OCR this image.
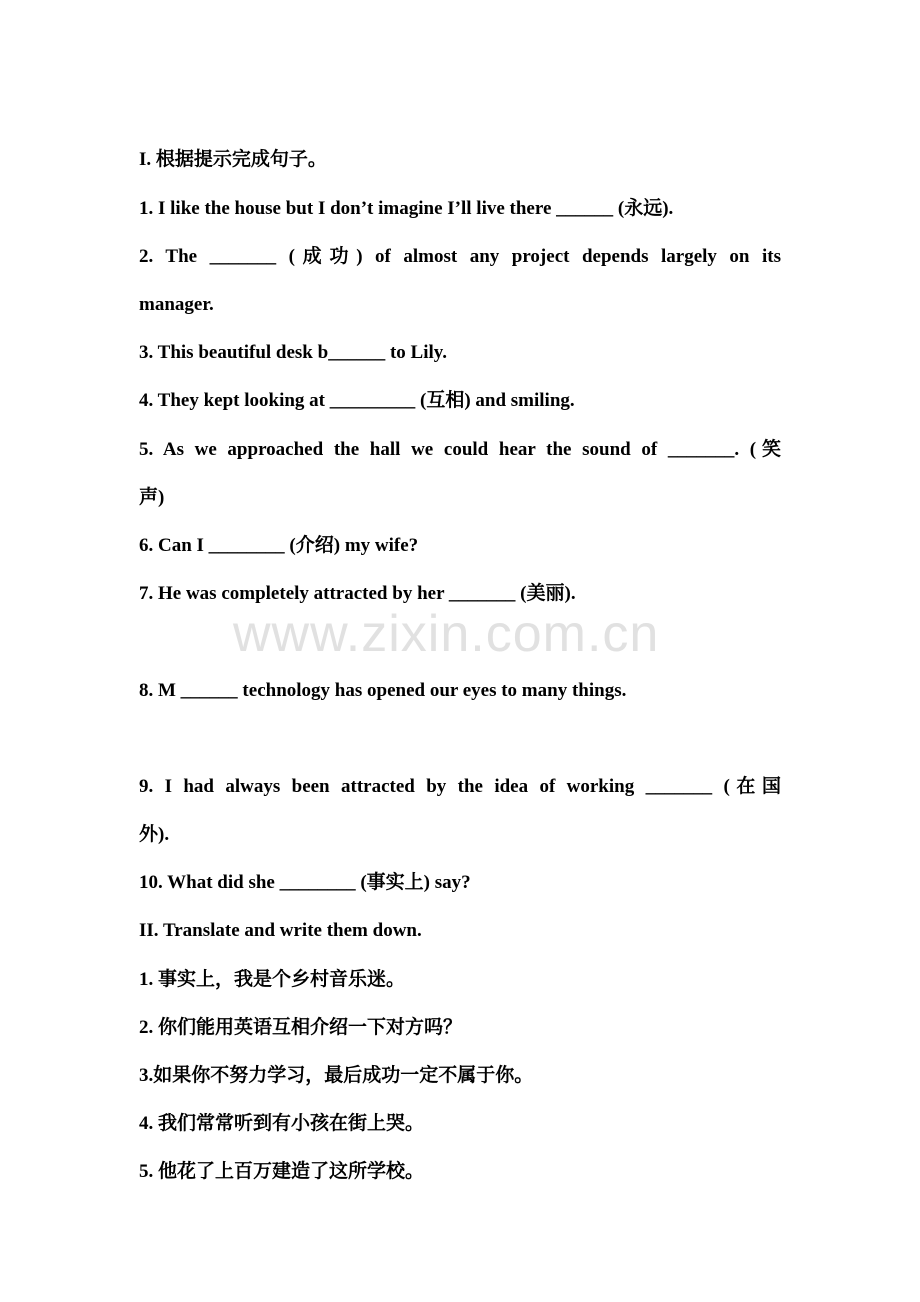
www.zixin.com.cn
I. 根据提示完成句子。
1. I like the house but I don’t imagine I’ll live there ______ (永远).
2. The _______ (成功) of almost any project depends largely on its
manager.
3. This beautiful desk b______ to Lily.
4. They kept looking at _________ (互相) and smiling.
5. As we approached the hall we could hear the sound of _______. (笑
声)
6. Can I ________ (介绍) my wife?
7. He was completely attracted by her _______ (美丽).
8. M ______ technology has opened our eyes to many things.
9. I had always been attracted by the idea of working _______ (在国
外).
10. What did she ________ (事实上) say?
II. Translate and write them down.
1. 事实上，我是个乡村音乐迷。
2. 你们能用英语互相介绍一下对方吗？
3.如果你不努力学习，最后成功一定不属于你。
4. 我们常常听到有小孩在街上哭。
5. 他花了上百万建造了这所学校。
